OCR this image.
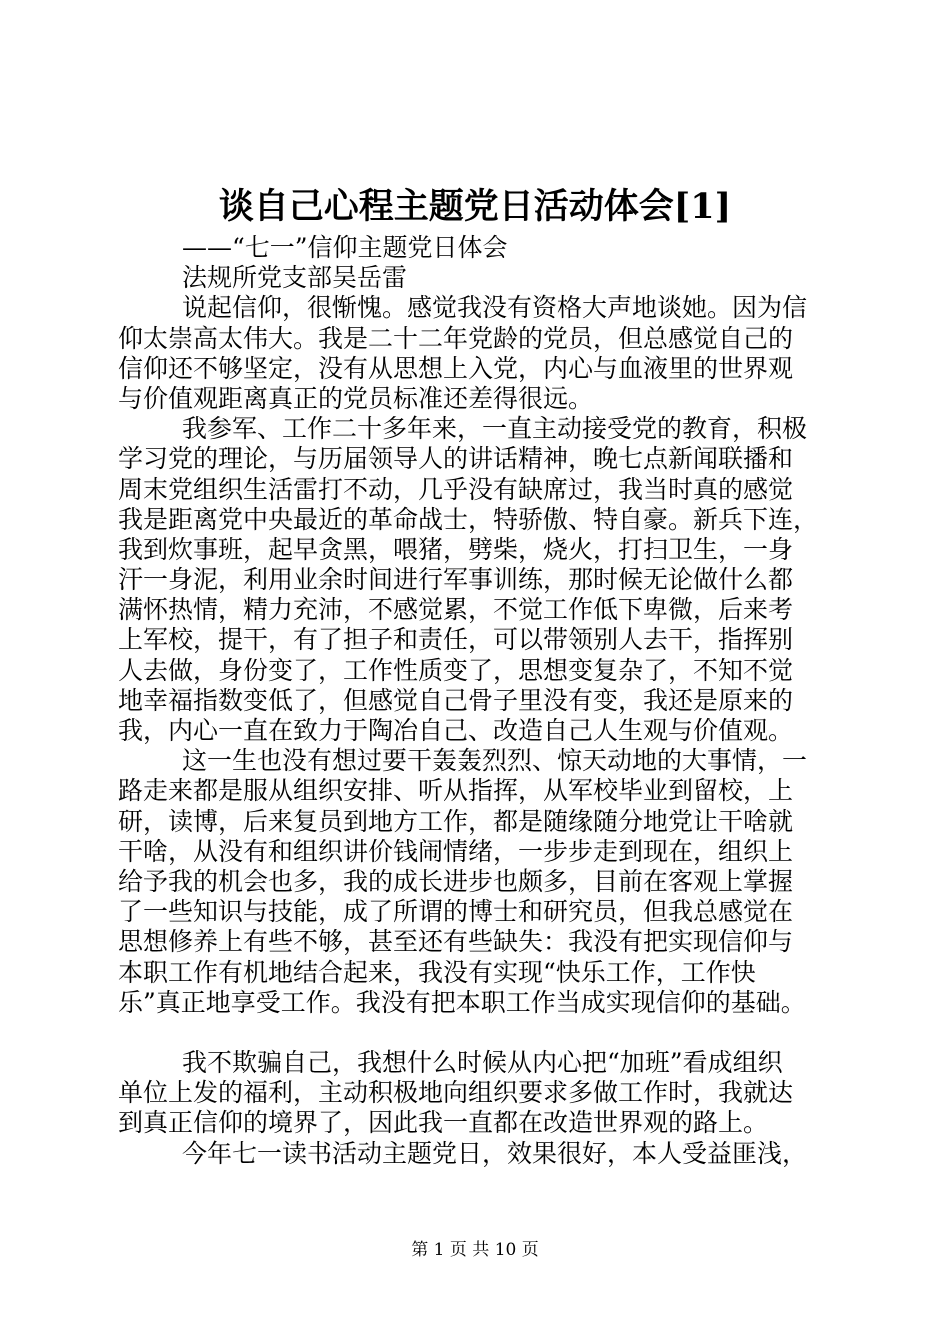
谈自己心程主题党日活动体会[1]
——“七一”信仰主题党日体会
法规所党支部吴岳雷
说起信仰，很惭愧。感觉我没有资格大声地谈她。因为信
仰太崇高太伟大。我是二十二年党龄的党员，但总感觉自己的
信仰还不够坚定，没有从思想上入党，内心与血液里的世界观
与价值观距离真正的党员标准还差得很远。
我参军、工作二十多年来，一直主动接受党的教育，积极
学习党的理论，与历届领导人的讲话精神，晚七点新闻联播和
周末党组织生活雷打不动，几乎没有缺席过，我当时真的感觉
我是距离党中央最近的革命战士，特骄傲、特自豪。新兵下连，
我到炊事班，起早贪黑，喂猪，劈柴，烧火，打扫卫生，一身
汗一身泥，利用业余时间进行军事训练，那时候无论做什么都
满怀热情，精力充沛，不感觉累，不觉工作低下卑微，后来考
上军校，提干，有了担子和责任，可以带领别人去干，指挥别
人去做，身份变了，工作性质变了，思想变复杂了，不知不觉
地幸福指数变低了，但感觉自己骨子里没有变，我还是原来的
我，内心一直在致力于陶冶自己、改造自己人生观与价值观。
这一生也没有想过要干轰轰烈烈、惊天动地的大事情，一
路走来都是服从组织安排、听从指挥，从军校毕业到留校，上
研，读博，后来复员到地方工作，都是随缘随分地党让干啥就
干啥，从没有和组织讲价钱闹情绪，一步步走到现在，组织上
给予我的机会也多，我的成长进步也颇多，目前在客观上掌握
了一些知识与技能，成了所谓的博士和研究员，但我总感觉在
思想修养上有些不够，甚至还有些缺失：我没有把实现信仰与
本职工作有机地结合起来，我没有实现“快乐工作，工作快
乐”真正地享受工作。我没有把本职工作当成实现信仰的基础。
我不欺骗自己，我想什么时候从内心把“加班”看成组织
单位上发的福利，主动积极地向组织要求多做工作时，我就达
到真正信仰的境界了，因此我一直都在改造世界观的路上。
今年七一读书活动主题党日，效果很好，本人受益匪浅，
第 1 页 共 10 页
